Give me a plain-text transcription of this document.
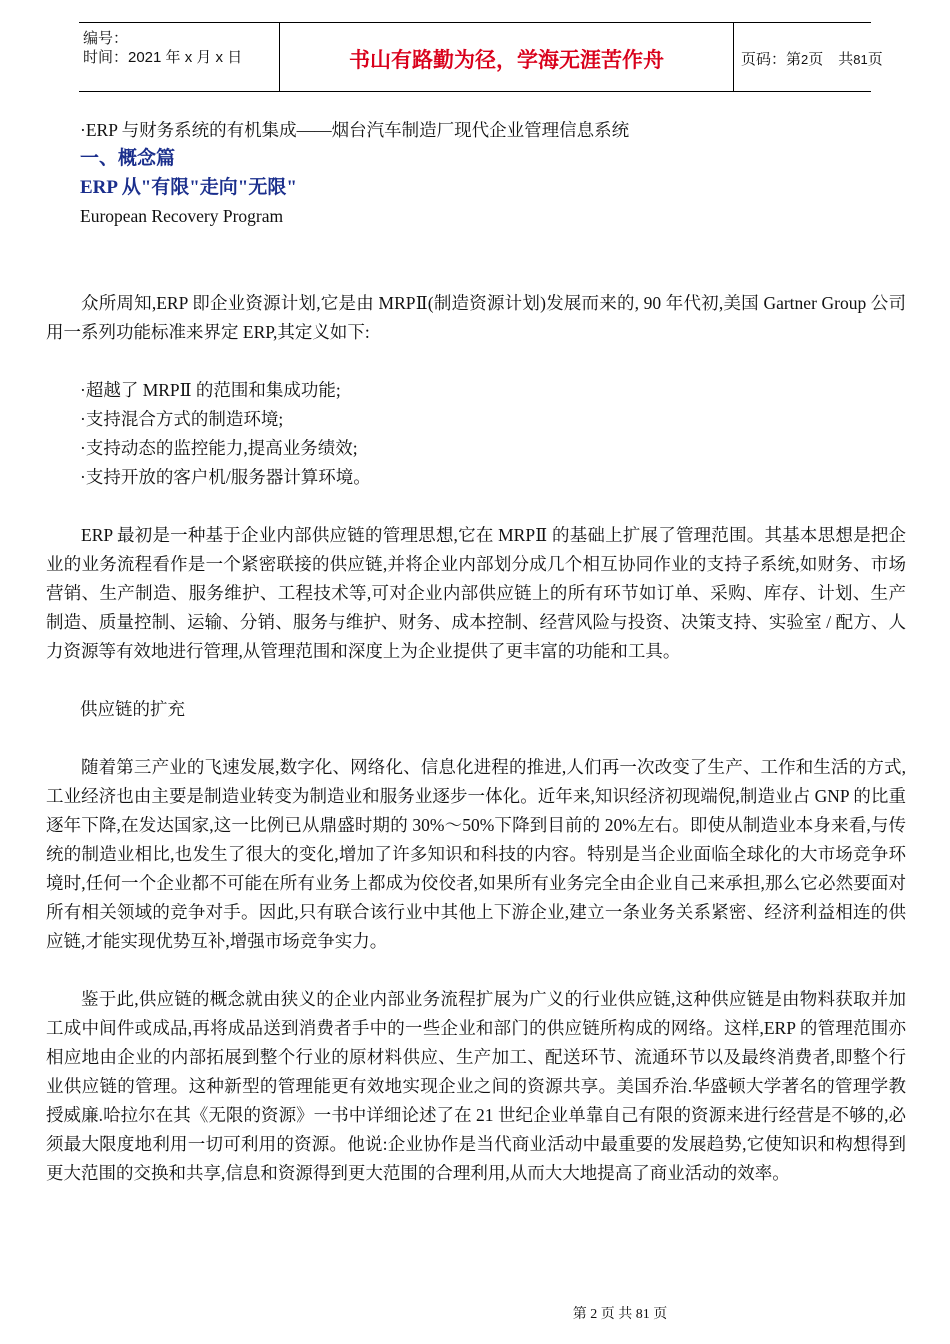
编号：
时间：2021 年 x 月 x 日	书山有路勤为径，学海无涯苦作舟	页码：第2页　共81页
·ERP 与财务系统的有机集成——烟台汽车制造厂现代企业管理信息系统
一、概念篇
ERP 从"有限"走向"无限"
European Recovery Program

众所周知,ERP 即企业资源计划,它是由 MRPⅡ(制造资源计划)发展而来的, 90 年代初,美国 Gartner Group 公司用一系列功能标准来界定 ERP,其定义如下:

·超越了 MRPⅡ 的范围和集成功能;
·支持混合方式的制造环境;
·支持动态的监控能力,提高业务绩效;
·支持开放的客户机/服务器计算环境。

ERP 最初是一种基于企业内部供应链的管理思想,它在 MRPⅡ 的基础上扩展了管理范围。其基本思想是把企业的业务流程看作是一个紧密联接的供应链,并将企业内部划分成几个相互协同作业的支持子系统,如财务、市场营销、生产制造、服务维护、工程技术等,可对企业内部供应链上的所有环节如订单、采购、库存、计划、生产制造、质量控制、运输、分销、服务与维护、财务、成本控制、经营风险与投资、决策支持、实验室 / 配方、人力资源等有效地进行管理,从管理范围和深度上为企业提供了更丰富的功能和工具。

供应链的扩充

随着第三产业的飞速发展,数字化、网络化、信息化进程的推进,人们再一次改变了生产、工作和生活的方式,工业经济也由主要是制造业转变为制造业和服务业逐步一体化。近年来,知识经济初现端倪,制造业占 GNP 的比重逐年下降,在发达国家,这一比例已从鼎盛时期的 30%～50%下降到目前的 20%左右。即使从制造业本身来看,与传统的制造业相比,也发生了很大的变化,增加了许多知识和科技的内容。特别是当企业面临全球化的大市场竞争环境时,任何一个企业都不可能在所有业务上都成为佼佼者,如果所有业务完全由企业自己来承担,那么它必然要面对所有相关领域的竞争对手。因此,只有联合该行业中其他上下游企业,建立一条业务关系紧密、经济利益相连的供应链,才能实现优势互补,增强市场竞争实力。

鉴于此,供应链的概念就由狭义的企业内部业务流程扩展为广义的行业供应链,这种供应链是由物料获取并加工成中间件或成品,再将成品送到消费者手中的一些企业和部门的供应链所构成的网络。这样,ERP 的管理范围亦相应地由企业的内部拓展到整个行业的原材料供应、生产加工、配送环节、流通环节以及最终消费者,即整个行业供应链的管理。这种新型的管理能更有效地实现企业之间的资源共享。美国乔治.华盛顿大学著名的管理学教授威廉.哈拉尔在其《无限的资源》一书中详细论述了在 21 世纪企业单靠自己有限的资源来进行经营是不够的,必须最大限度地利用一切可利用的资源。他说:企业协作是当代商业活动中最重要的发展趋势,它使知识和构想得到更大范围的交换和共享,信息和资源得到更大范围的合理利用,从而大大地提高了商业活动的效率。

第 2 页 共 81 页
